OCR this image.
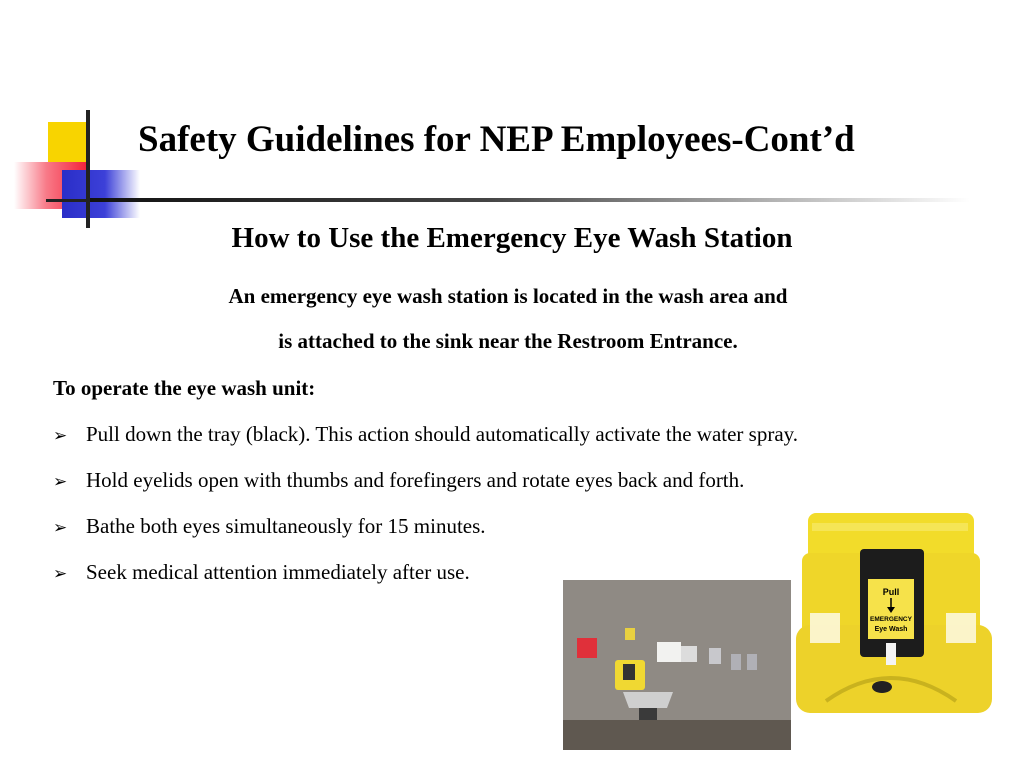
Safety Guidelines for NEP Employees-Cont’d
How to Use the Emergency Eye Wash Station
An emergency eye wash station is located in the wash area and
is attached to the sink near the Restroom Entrance.
To operate the eye wash unit:
➢ Pull down the tray (black). This action should automatically activate the water spray.
➢ Hold eyelids open with thumbs and forefingers and rotate eyes back and forth.
➢ Bathe both eyes simultaneously for 15 minutes.
➢ Seek medical attention immediately after use.
Pull
EMERGENCY
Eye Wash
